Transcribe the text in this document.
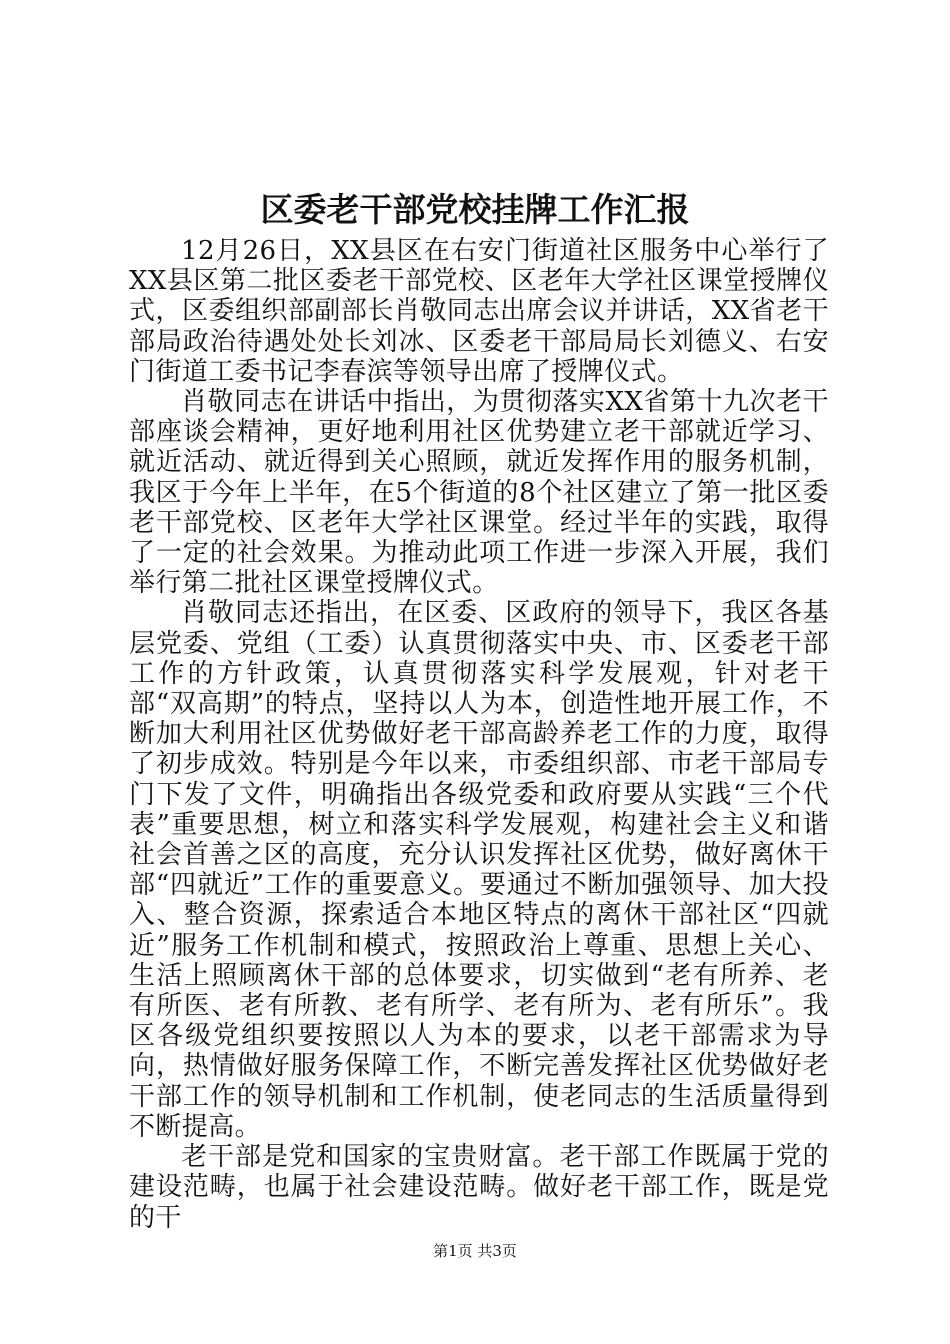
区委老干部党校挂牌工作汇报

12月26日，XX县区在右安门街道社区服务中心举行了XX县区第二批区委老干部党校、区老年大学社区课堂授牌仪式，区委组织部副部长肖敬同志出席会议并讲话，XX省老干部局政治待遇处处长刘冰、区委老干部局局长刘德义、右安门街道工委书记李春滨等领导出席了授牌仪式。

肖敬同志在讲话中指出，为贯彻落实XX省第十九次老干部座谈会精神，更好地利用社区优势建立老干部就近学习、就近活动、就近得到关心照顾，就近发挥作用的服务机制，我区于今年上半年，在5个街道的8个社区建立了第一批区委老干部党校、区老年大学社区课堂。经过半年的实践，取得了一定的社会效果。为推动此项工作进一步深入开展，我们举行第二批社区课堂授牌仪式。

肖敬同志还指出，在区委、区政府的领导下，我区各基层党委、党组（工委）认真贯彻落实中央、市、区委老干部工作的方针政策，认真贯彻落实科学发展观，针对老干部“双高期”的特点，坚持以人为本，创造性地开展工作，不断加大利用社区优势做好老干部高龄养老工作的力度，取得了初步成效。特别是今年以来，市委组织部、市老干部局专门下发了文件，明确指出各级党委和政府要从实践“三个代表”重要思想，树立和落实科学发展观，构建社会主义和谐社会首善之区的高度，充分认识发挥社区优势，做好离休干部“四就近”工作的重要意义。要通过不断加强领导、加大投入、整合资源，探索适合本地区特点的离休干部社区“四就近”服务工作机制和模式，按照政治上尊重、思想上关心、生活上照顾离休干部的总体要求，切实做到“老有所养、老有所医、老有所教、老有所学、老有所为、老有所乐”。我区各级党组织要按照以人为本的要求，以老干部需求为导向，热情做好服务保障工作，不断完善发挥社区优势做好老干部工作的领导机制和工作机制，使老同志的生活质量得到不断提高。

老干部是党和国家的宝贵财富。老干部工作既属于党的建设范畴，也属于社会建设范畴。做好老干部工作，既是党的干

第1页 共3页
